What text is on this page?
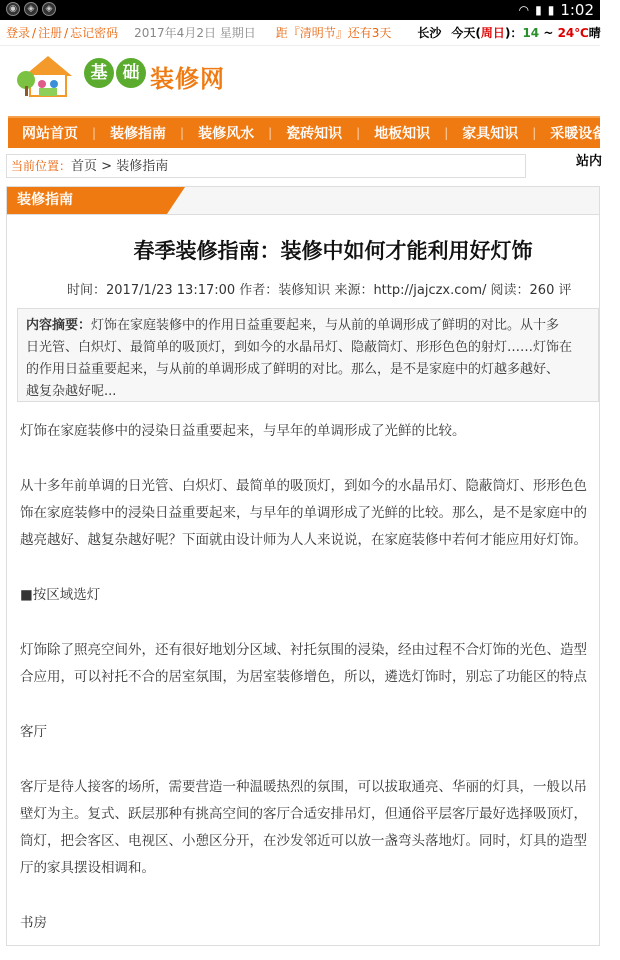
◉	◈	◈	◠ ▮ ▮ 1:02
登录 / 注册 / 忘记密码 2017年4月2日 星期日 距『清明节』还有3天 长沙 今天(周日)：14 ~ 24℃晴
基 础 装修网
网站首页	|	装修指南	|	装修风水	|	瓷砖知识	|	地板知识	|	家具知识	|	采暖设备
当前位置：首页 > 装修指南	站内
装修指南
春季装修指南：装修中如何才能利用好灯饰
时间：2017/1/23 13:17:00 作者：装修知识 来源：http://jajczx.com/ 阅读：260 评
内容摘要：灯饰在家庭装修中的作用日益重要起来，与从前的单调形成了鲜明的对比。从十多
日光管、白炽灯、最简单的吸顶灯，到如今的水晶吊灯、隐蔽筒灯、形形色色的射灯……灯饰在
的作用日益重要起来，与从前的单调形成了鲜明的对比。那么，是不是家庭中的灯越多越好、
越复杂越好呢...
灯饰在家庭装修中的浸染日益重要起来，与早年的单调形成了光鲜的比较。
从十多年前单调的日光管、白炽灯、最简单的吸顶灯，到如今的水晶吊灯、隐蔽筒灯、形形色色
饰在家庭装修中的浸染日益重要起来，与早年的单调形成了光鲜的比较。那么，是不是家庭中的
越亮越好、越复杂越好呢？下面就由设计师为人人来说说，在家庭装修中若何才能应用好灯饰。
■按区域选灯
灯饰除了照亮空间外，还有很好地划分区域、衬托氛围的浸染，经由过程不合灯饰的光色、造型
合应用，可以衬托不合的居室氛围，为居室装修增色，所以，遴选灯饰时，别忘了功能区的特点
客厅
客厅是待人接客的场所，需要营造一种温暖热烈的氛围，可以拔取通亮、华丽的灯具，一般以吊
壁灯为主。复式、跃层那种有挑高空间的客厅合适安排吊灯，但通俗平层客厅最好选择吸顶灯，
筒灯，把会客区、电视区、小憩区分开，在沙发邻近可以放一盏弯头落地灯。同时，灯具的造型
厅的家具摆设相调和。
书房
